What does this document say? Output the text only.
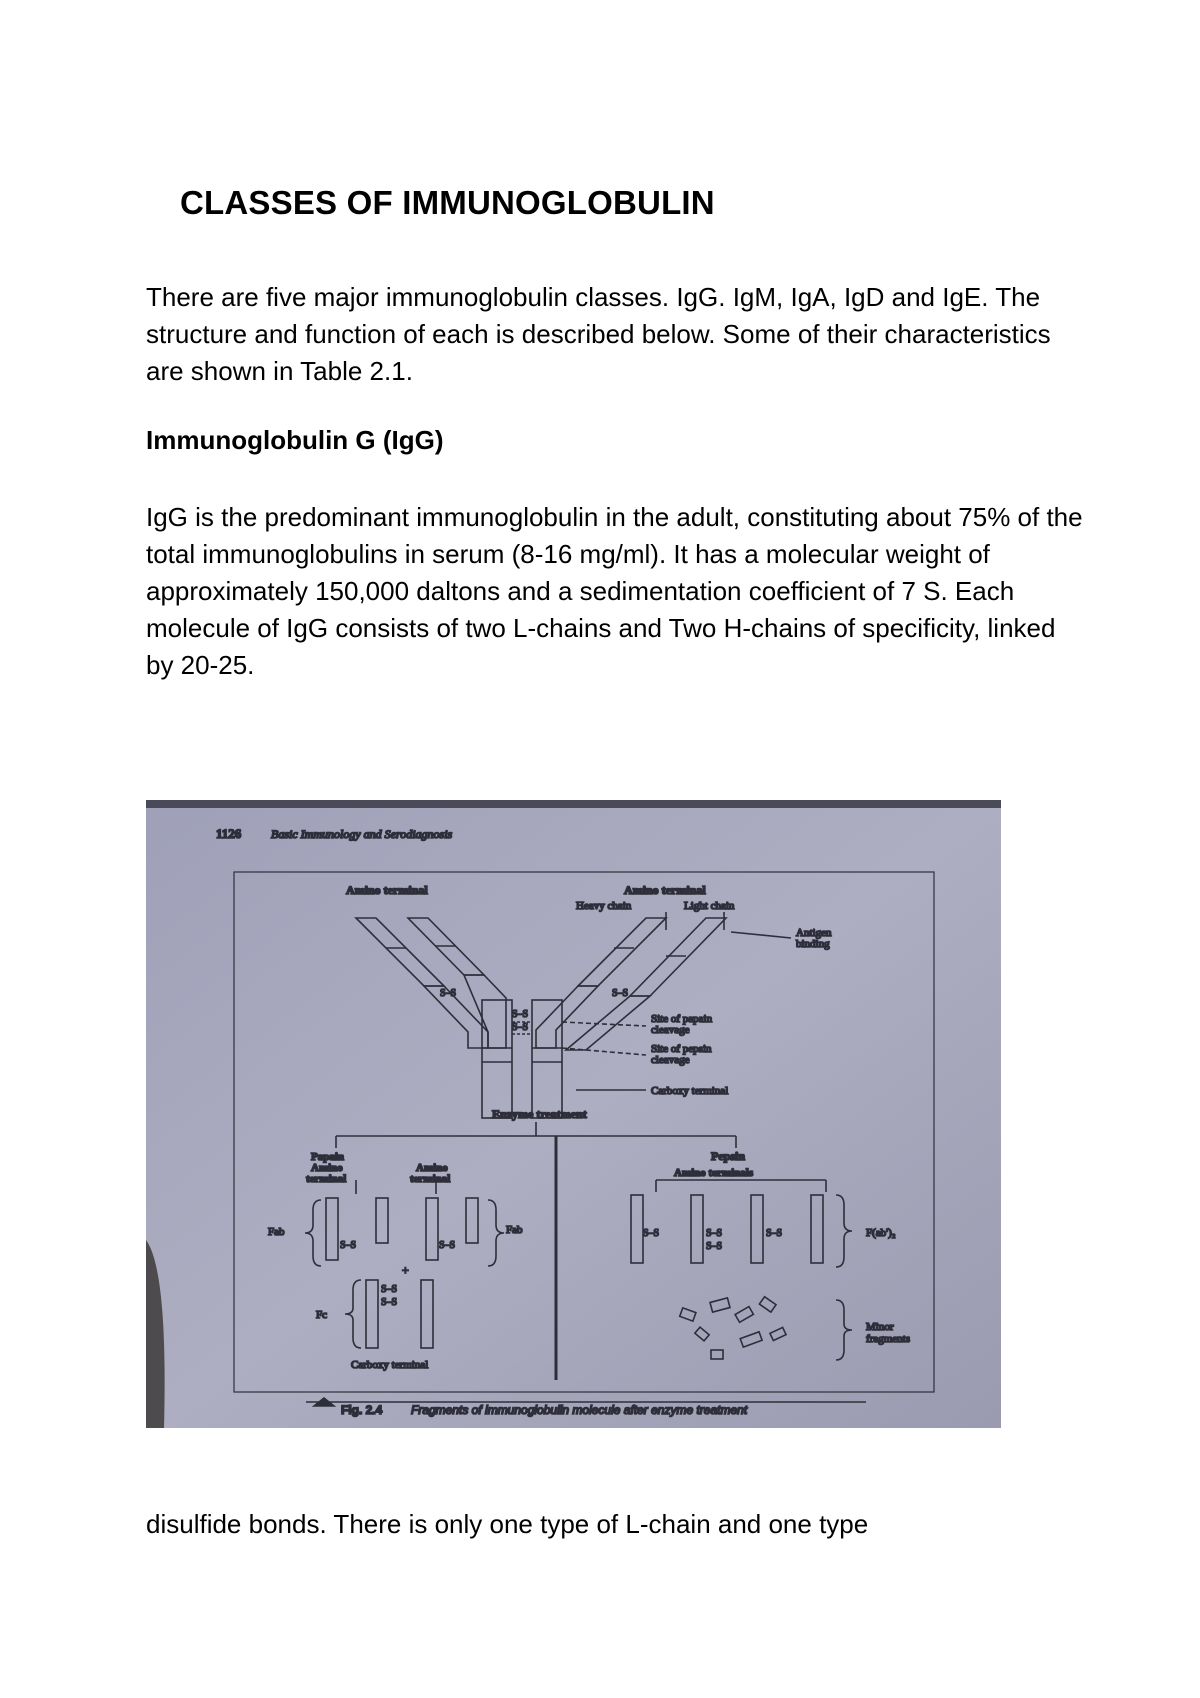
CLASSES OF IMMUNOGLOBULIN

There are five major immunoglobulin classes. IgG. IgM, IgA, IgD and IgE. The structure and function of each is described below. Some of their characteristics are shown in Table 2.1.

Immunoglobulin G (IgG)

IgG is the predominant immunoglobulin in the adult, constituting about 75% of the total immunoglobulins in serum (8-16 mg/ml). It has a molecular weight of approximately 150,000 daltons and a sedimentation coefficient of 7 S. Each molecule of IgG consists of two L-chains and Two H-chains of specificity, linked by 20-25.

1126 Basic Immunology and Serodiagnosis
Amino terminal	Amino terminal
Heavy chain	Light chain
Antigen
binding
S–S	S–S
S–S
S–S
Site of papain
cleavage
Site of pepsin
cleavage
Carboxy terminal
Enzyme treatment
Papain
Amino
terminal
Amino
terminal
Pepsin
Amino terminals
Fab	Fab
S–S	S–S
+
Fc
S–S
S–S
Carboxy terminal
S–S	S–S
S–S
S–S	F(ab')₂
Minor
fragments
Fig. 2.4 Fragments of immunoglobulin molecule after enzyme treatment

disulfide bonds. There is only one type of L-chain and one type
